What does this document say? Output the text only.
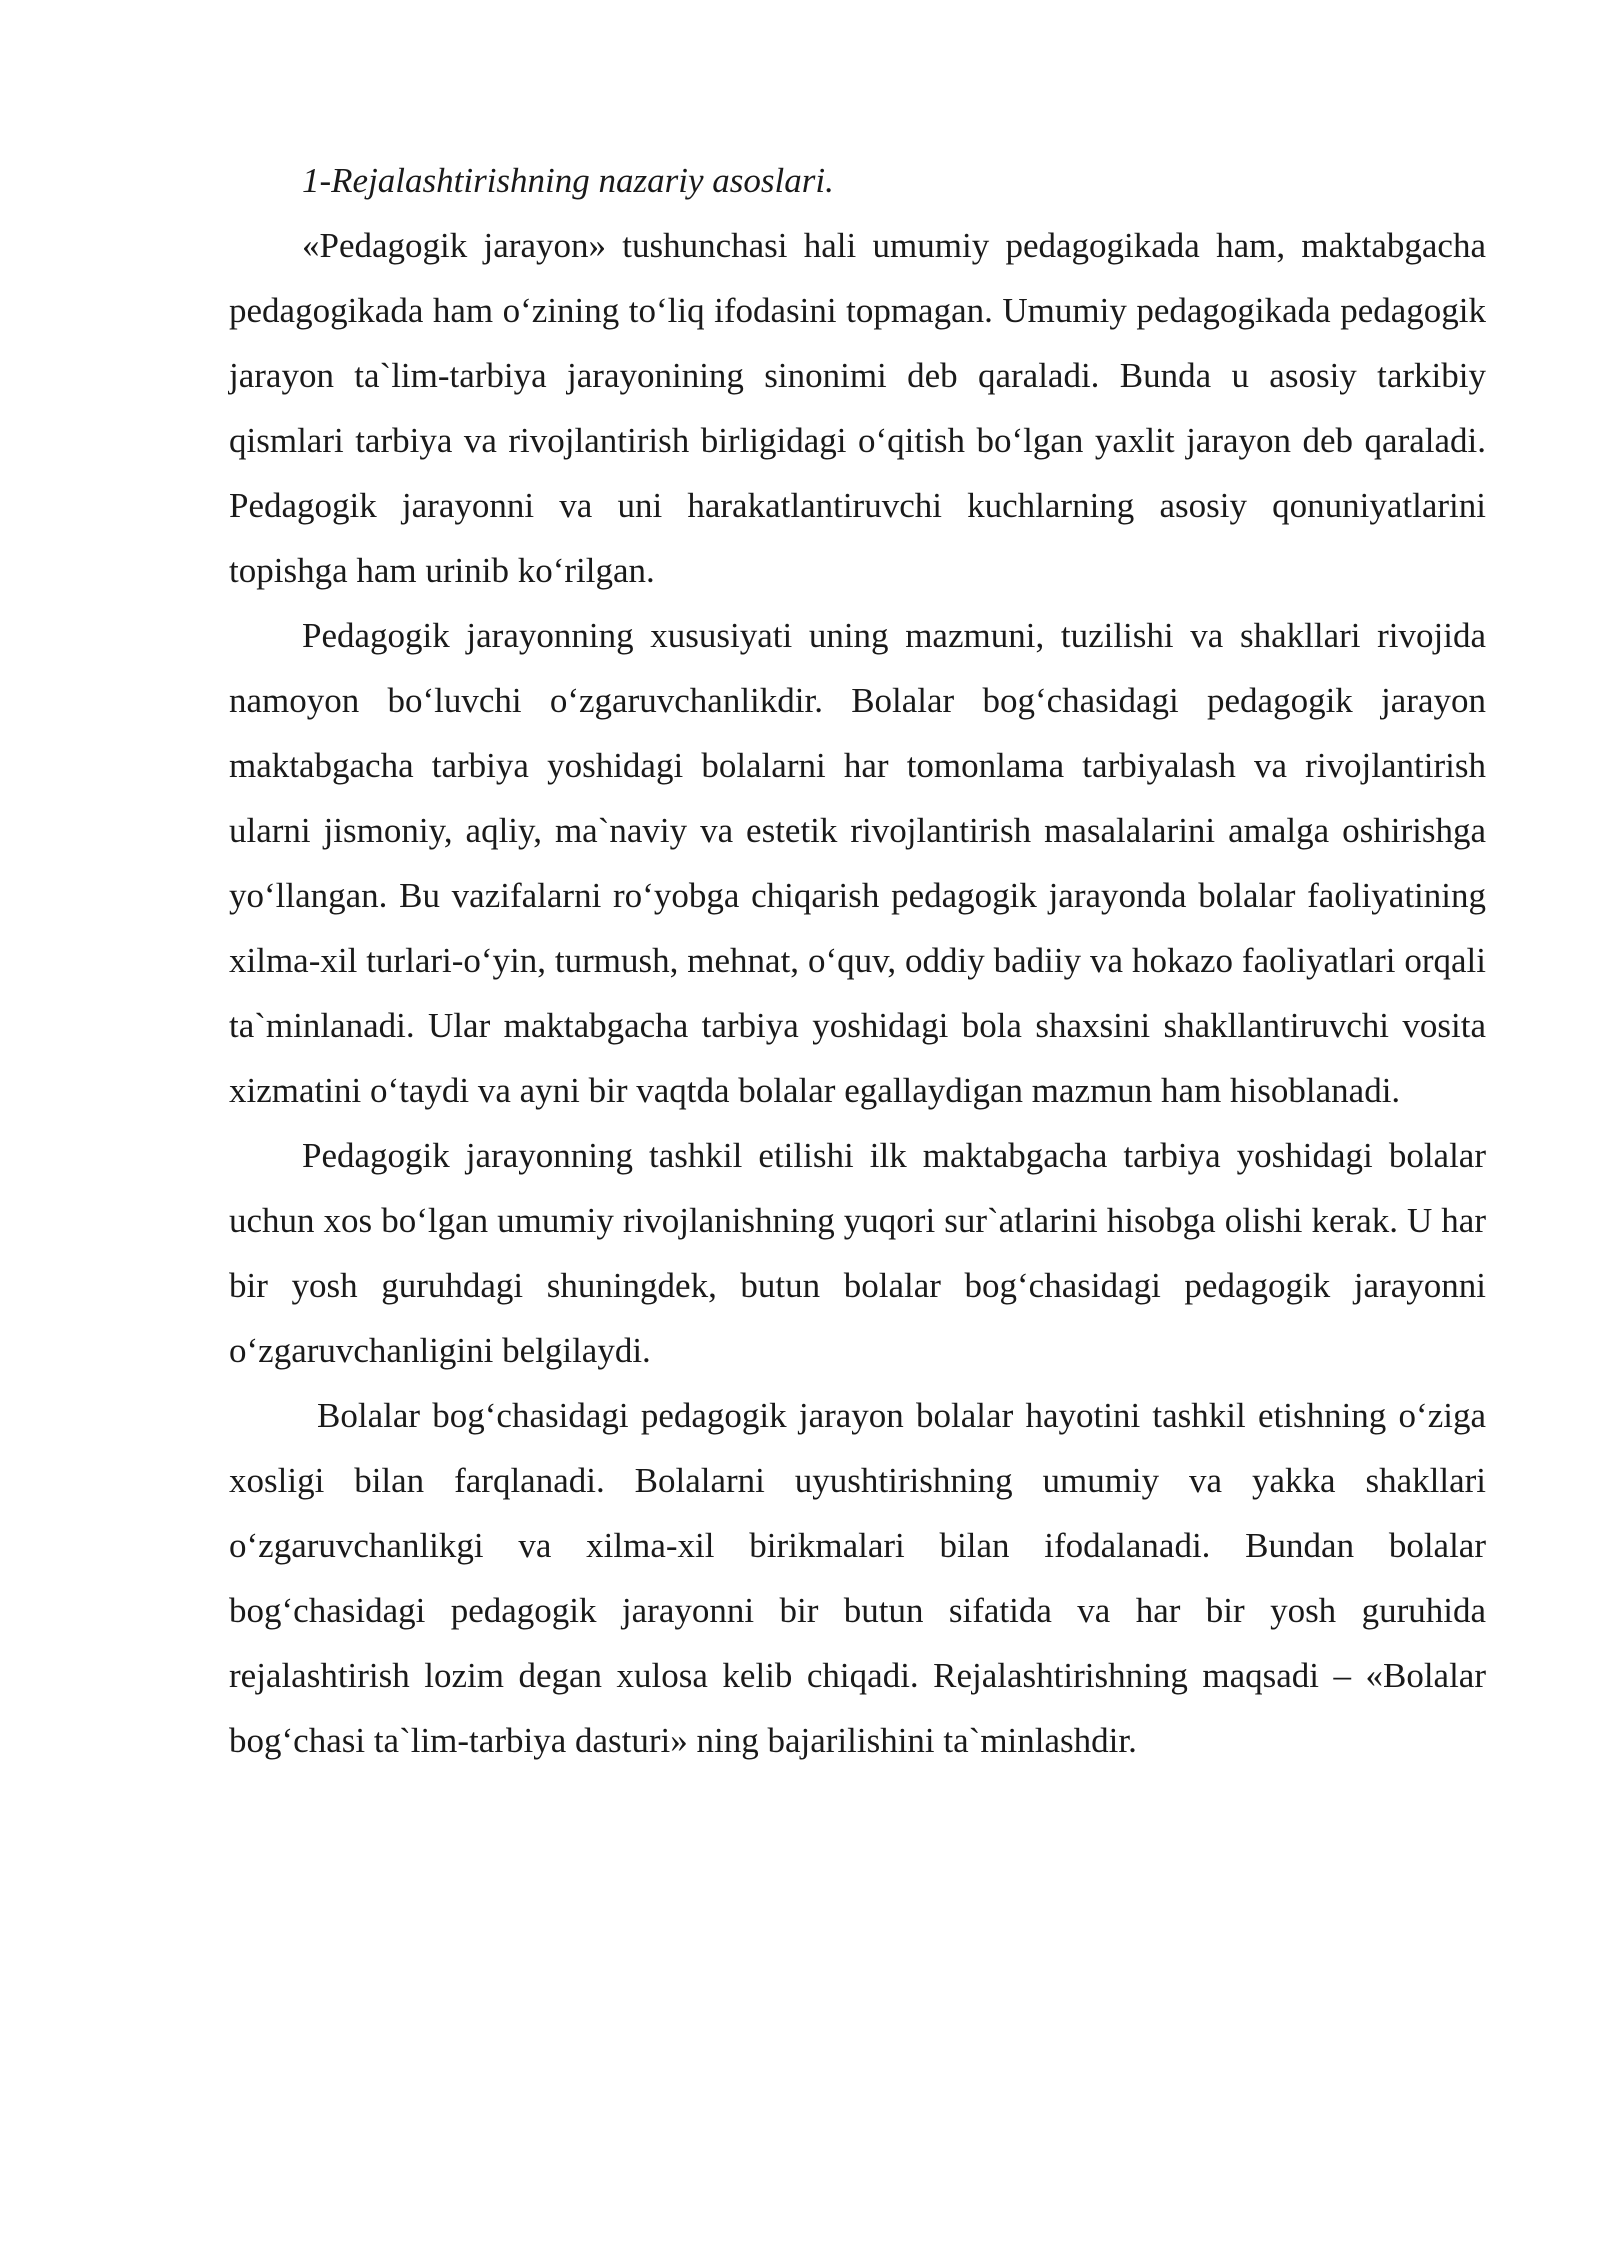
1-Rejalashtirishning nazariy asoslari.

«Pedagogik jarayon» tushunchasi hali umumiy pedagogikada ham, maktabgacha pedagogikada ham o‘zining to‘liq ifodasini topmagan. Umumiy pedagogikada pedagogik jarayon ta`lim-tarbiya jarayonining sinonimi deb qaraladi. Bunda u asosiy tarkibiy qismlari tarbiya va rivojlantirish birligidagi o‘qitish bo‘lgan yaxlit jarayon deb qaraladi. Pedagogik jarayonni va uni harakatlantiruvchi kuchlarning asosiy qonuniyatlarini topishga ham urinib ko‘rilgan.

Pedagogik jarayonning xususiyati uning mazmuni, tuzilishi va shakllari rivojida namoyon bo‘luvchi o‘zgaruvchanlikdir. Bolalar bog‘chasidagi pedagogik jarayon maktabgacha tarbiya yoshidagi bolalarni har tomonlama tarbiyalash va rivojlantirish ularni jismoniy, aqliy, ma`naviy va estetik rivojlantirish masalalarini amalga oshirishga yo‘llangan. Bu vazifalarni ro‘yobga chiqarish pedagogik jarayonda bolalar faoliyatining xilma-xil turlari-o‘yin, turmush, mehnat, o‘quv, oddiy badiiy va hokazo faoliyatlari orqali ta`minlanadi. Ular maktabgacha tarbiya yoshidagi bola shaxsini shakllantiruvchi vosita xizmatini o‘taydi va ayni bir vaqtda bolalar egallaydigan mazmun ham hisoblanadi.

Pedagogik jarayonning tashkil etilishi ilk maktabgacha tarbiya yoshidagi bolalar uchun xos bo‘lgan umumiy rivojlanishning yuqori sur`atlarini hisobga olishi kerak. U har bir yosh guruhdagi shuningdek, butun bolalar bog‘chasidagi pedagogik jarayonni o‘zgaruvchanligini belgilaydi.

Bolalar bog‘chasidagi pedagogik jarayon bolalar hayotini tashkil etishning o‘ziga xosligi bilan farqlanadi. Bolalarni uyushtirishning umumiy va yakka shakllari o‘zgaruvchanlikgi va xilma-xil birikmalari bilan ifodalanadi. Bundan bolalar bog‘chasidagi pedagogik jarayonni bir butun sifatida va har bir yosh guruhida rejalashtirish lozim degan xulosa kelib chiqadi. Rejalashtirishning maqsadi – «Bolalar bog‘chasi ta`lim-tarbiya dasturi» ning bajarilishini ta`minlashdir.
